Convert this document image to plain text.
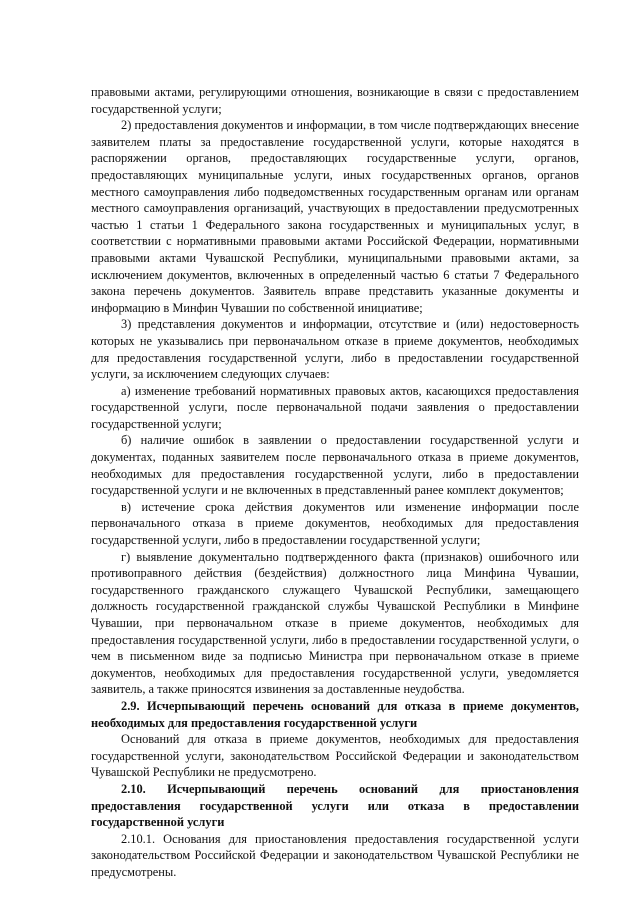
правовыми актами, регулирующими отношения, возникающие в связи с предоставлением государственной услуги;

2) предоставления документов и информации, в том числе подтверждающих внесение заявителем платы за предоставление государственной услуги, которые находятся в распоряжении органов, предоставляющих государственные услуги, органов, предоставляющих муниципальные услуги, иных государственных органов, органов местного самоуправления либо подведомственных государственным органам или органам местного самоуправления организаций, участвующих в предоставлении предусмотренных частью 1 статьи 1 Федерального закона государственных и муниципальных услуг, в соответствии с нормативными правовыми актами Российской Федерации, нормативными правовыми актами Чувашской Республики, муниципальными правовыми актами, за исключением документов, включенных в определенный частью 6 статьи 7 Федерального закона перечень документов. Заявитель вправе представить указанные документы и информацию в Минфин Чувашии по собственной инициативе;

3) представления документов и информации, отсутствие и (или) недостоверность которых не указывались при первоначальном отказе в приеме документов, необходимых для предоставления государственной услуги, либо в предоставлении государственной услуги, за исключением следующих случаев:

а) изменение требований нормативных правовых актов, касающихся предоставления государственной услуги, после первоначальной подачи заявления о предоставлении государственной услуги;

б) наличие ошибок в заявлении о предоставлении государственной услуги и документах, поданных заявителем после первоначального отказа в приеме документов, необходимых для предоставления государственной услуги, либо в предоставлении государственной услуги и не включенных в представленный ранее комплект документов;

в) истечение срока действия документов или изменение информации после первоначального отказа в приеме документов, необходимых для предоставления государственной услуги, либо в предоставлении государственной услуги;

г) выявление документально подтвержденного факта (признаков) ошибочного или противоправного действия (бездействия) должностного лица Минфина Чувашии, государственного гражданского служащего Чувашской Республики, замещающего должность государственной гражданской службы Чувашской Республики в Минфине Чувашии, при первоначальном отказе в приеме документов, необходимых для предоставления государственной услуги, либо в предоставлении государственной услуги, о чем в письменном виде за подписью Министра при первоначальном отказе в приеме документов, необходимых для предоставления государственной услуги, уведомляется заявитель, а также приносятся извинения за доставленные неудобства.

2.9. Исчерпывающий перечень оснований для отказа в приеме документов, необходимых для предоставления государственной услуги

Оснований для отказа в приеме документов, необходимых для предоставления государственной услуги, законодательством Российской Федерации и законодательством Чувашской Республики не предусмотрено.

2.10. Исчерпывающий перечень оснований для приостановления предоставления государственной услуги или отказа в предоставлении государственной услуги

2.10.1. Основания для приостановления предоставления государственной услуги законодательством Российской Федерации и законодательством Чувашской Республики не предусмотрены.
